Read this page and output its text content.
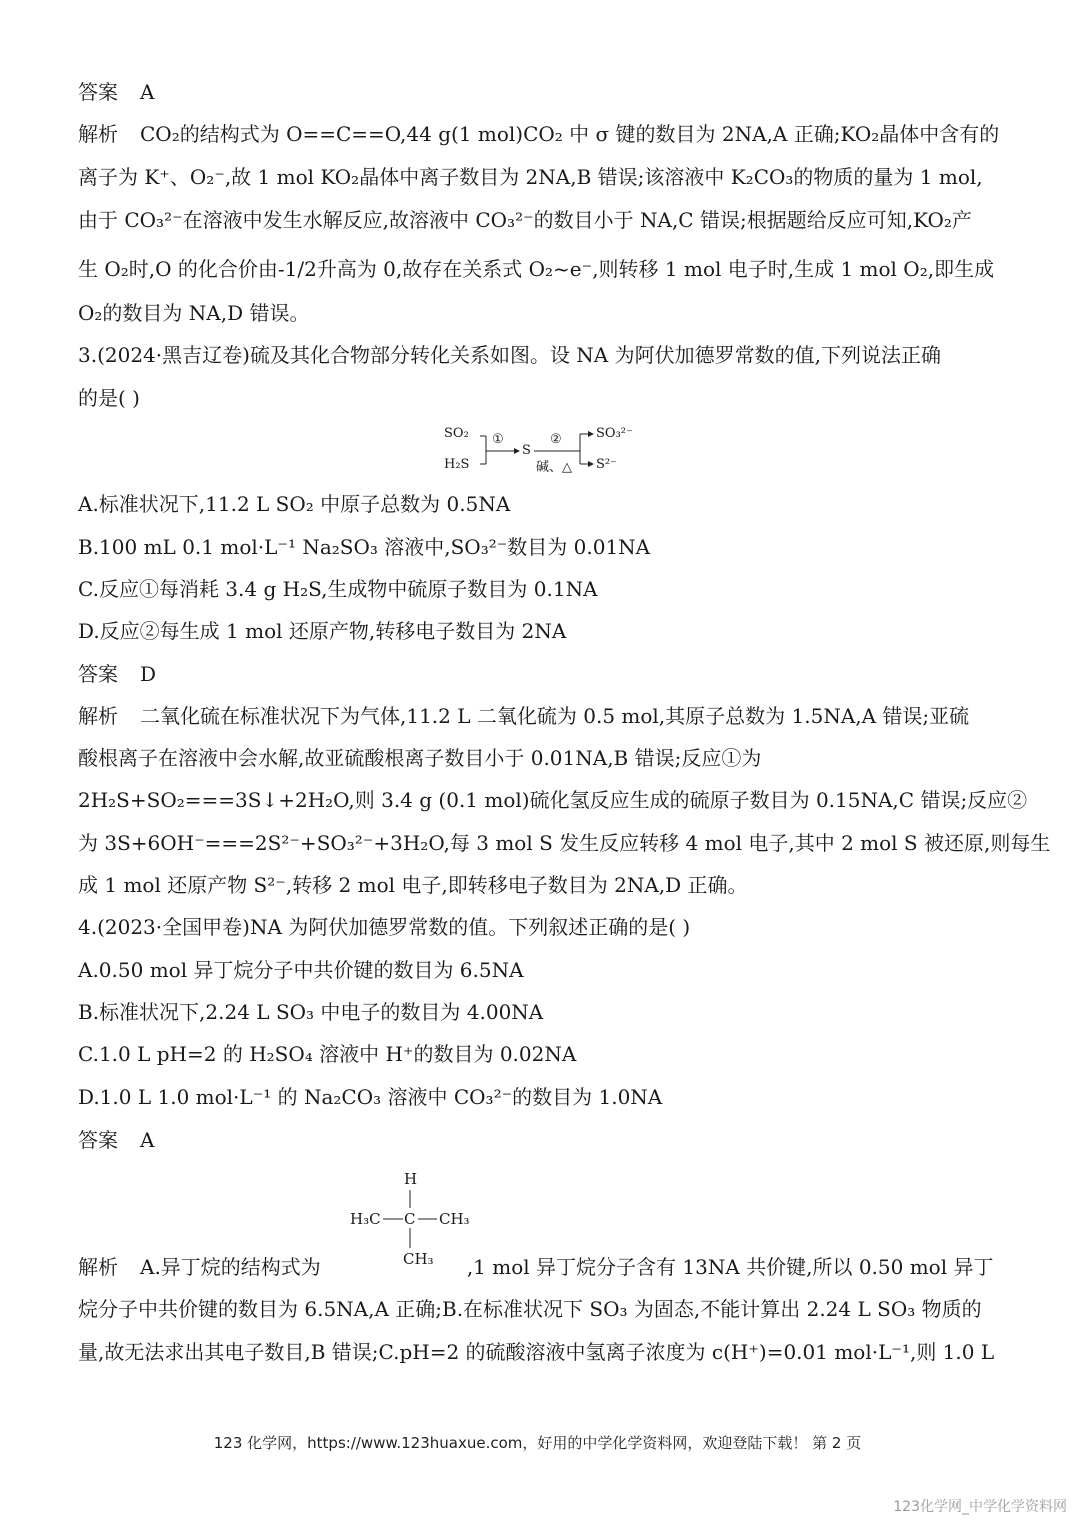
答案 A
解析 CO₂的结构式为 O==C==O,44 g(1 mol)CO₂ 中 σ 键的数目为 2NA,A 正确;KO₂晶体中含有的
离子为 K⁺、O₂⁻,故 1 mol KO₂晶体中离子数目为 2NA,B 错误;该溶液中 K₂CO₃的物质的量为 1 mol,
由于 CO₃²⁻在溶液中发生水解反应,故溶液中 CO₃²⁻的数目小于 NA,C 错误;根据题给反应可知,KO₂产
生 O₂时,O 的化合价由-1/2升高为 0,故存在关系式 O₂~e⁻,则转移 1 mol 电子时,生成 1 mol O₂,即生成
O₂的数目为 NA,D 错误。
3.(2024·黑吉辽卷)硫及其化合物部分转化关系如图。设 NA 为阿伏加德罗常数的值,下列说法正确
的是( )
SO₂
H₂S
①
S
②
碱、△
SO₃²⁻
S²⁻
A.标准状况下,11.2 L SO₂ 中原子总数为 0.5NA
B.100 mL 0.1 mol·L⁻¹ Na₂SO₃ 溶液中,SO₃²⁻数目为 0.01NA
C.反应①每消耗 3.4 g H₂S,生成物中硫原子数目为 0.1NA
D.反应②每生成 1 mol 还原产物,转移电子数目为 2NA
答案 D
解析 二氧化硫在标准状况下为气体,11.2 L 二氧化硫为 0.5 mol,其原子总数为 1.5NA,A 错误;亚硫
酸根离子在溶液中会水解,故亚硫酸根离子数目小于 0.01NA,B 错误;反应①为
2H₂S+SO₂===3S↓+2H₂O,则 3.4 g (0.1 mol)硫化氢反应生成的硫原子数目为 0.15NA,C 错误;反应②
为 3S+6OH⁻===2S²⁻+SO₃²⁻+3H₂O,每 3 mol S 发生反应转移 4 mol 电子,其中 2 mol S 被还原,则每生
成 1 mol 还原产物 S²⁻,转移 2 mol 电子,即转移电子数目为 2NA,D 正确。
4.(2023·全国甲卷)NA 为阿伏加德罗常数的值。下列叙述正确的是( )
A.0.50 mol 异丁烷分子中共价键的数目为 6.5NA
B.标准状况下,2.24 L SO₃ 中电子的数目为 4.00NA
C.1.0 L pH=2 的 H₂SO₄ 溶液中 H⁺的数目为 0.02NA
D.1.0 L 1.0 mol·L⁻¹ 的 Na₂CO₃ 溶液中 CO₃²⁻的数目为 1.0NA
答案 A
H
H₃C C CH₃
CH₃
解析 A.异丁烷的结构式为	,1 mol 异丁烷分子含有 13NA 共价键,所以 0.50 mol 异丁
烷分子中共价键的数目为 6.5NA,A 正确;B.在标准状况下 SO₃ 为固态,不能计算出 2.24 L SO₃ 物质的
量,故无法求出其电子数目,B 错误;C.pH=2 的硫酸溶液中氢离子浓度为 c(H⁺)=0.01 mol·L⁻¹,则 1.0 L
123 化学网，https://www.123huaxue.com，好用的中学化学资料网，欢迎登陆下载！ 第 2 页
123化学网_中学化学资料网
